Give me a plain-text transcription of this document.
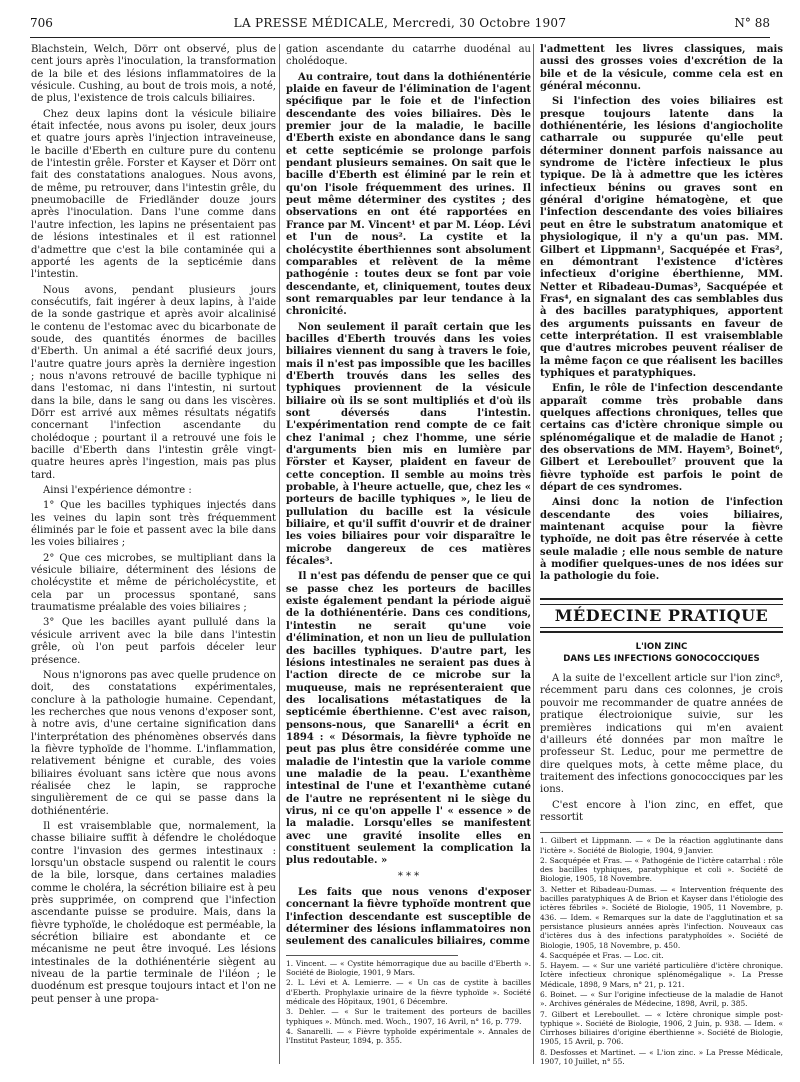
706	LA PRESSE MÉDICALE, Mercredi, 30 Octobre 1907	N° 88

Blachstein, Welch, Dörr ont observé, plus de cent jours après l'inoculation, la transformation de la bile et des lésions inflammatoires de la vésicule. Cushing, au bout de trois mois, a noté, de plus, l'existence de trois calculs biliaires.

Chez deux lapins dont la vésicule biliaire était infectée, nous avons pu isoler, deux jours et quatre jours après l'injection intraveineuse, le bacille d'Eberth en culture pure du contenu de l'intestin grêle. Forster et Kayser et Dörr ont fait des constatations analogues. Nous avons, de même, pu retrouver, dans l'intestin grêle, du pneumobacille de Friedländer douze jours après l'inoculation. Dans l'une comme dans l'autre infection, les lapins ne présentaient pas de lésions intestinales et il est rationnel d'admettre que c'est la bile contaminée qui a apporté les agents de la septicémie dans l'intestin.

Nous avons, pendant plusieurs jours consécutifs, fait ingérer à deux lapins, à l'aide de la sonde gastrique et après avoir alcalinisé le contenu de l'estomac avec du bicarbonate de soude, des quantités énormes de bacilles d'Eberth. Un animal a été sacrifié deux jours, l'autre quatre jours après la dernière ingestion ; nous n'avons retrouvé de bacille typhique ni dans l'estomac, ni dans l'intestin, ni surtout dans la bile, dans le sang ou dans les viscères. Dörr est arrivé aux mêmes résultats négatifs concernant l'infection ascendante du cholédoque ; pourtant il a retrouvé une fois le bacille d'Eberth dans l'intestin grêle vingt-quatre heures après l'ingestion, mais pas plus tard.

Ainsi l'expérience démontre :

1° Que les bacilles typhiques injectés dans les veines du lapin sont très fréquemment éliminés par le foie et passent avec la bile dans les voies biliaires ;

2° Que ces microbes, se multipliant dans la vésicule biliaire, déterminent des lésions de cholécystite et même de péricholécystite, et cela par un processus spontané, sans traumatisme préalable des voies biliaires ;

3° Que les bacilles ayant pullulé dans la vésicule arrivent avec la bile dans l'intestin grêle, où l'on peut parfois déceler leur présence.

Nous n'ignorons pas avec quelle prudence on doit, des constatations expérimentales, conclure à la pathologie humaine. Cependant, les recherches que nous venons d'exposer sont, à notre avis, d'une certaine signification dans l'interprétation des phénomènes observés dans la fièvre typhoïde de l'homme. L'inflammation, relativement bénigne et curable, des voies biliaires évoluant sans ictère que nous avons réalisée chez le lapin, se rapproche singulièrement de ce qui se passe dans la dothiénentérie.

Il est vraisemblable que, normalement, la chasse biliaire suffit à défendre le cholédoque contre l'invasion des germes intestinaux : lorsqu'un obstacle suspend ou ralentit le cours de la bile, lorsque, dans certaines maladies comme le choléra, la sécrétion biliaire est à peu près supprimée, on comprend que l'infection ascendante puisse se produire. Mais, dans la fièvre typhoïde, le cholédoque est perméable, la sécrétion biliaire est abondante et ce mécanisme ne peut être invoqué. Les lésions intestinales de la dothiénentérie siègent au niveau de la partie terminale de l'iléon ; le duodénum est presque toujours intact et l'on ne peut penser à une propa-

gation ascendante du catarrhe duodénal au cholédoque.

Au contraire, tout dans la dothiénentérie plaide en faveur de l'élimination de l'agent spécifique par le foie et de l'infection descendante des voies biliaires. Dès le premier jour de la maladie, le bacille d'Eberth existe en abondance dans le sang et cette septicémie se prolonge parfois pendant plusieurs semaines. On sait que le bacille d'Eberth est éliminé par le rein et qu'on l'isole fréquemment des urines. Il peut même déterminer des cystites ; des observations en ont été rapportées en France par M. Vincent¹ et par M. Léop. Lévi et l'un de nous². La cystite et la cholécystite éberthiennes sont absolument comparables et relèvent de la même pathogénie : toutes deux se font par voie descendante, et, cliniquement, toutes deux sont remarquables par leur tendance à la chronicité.

Non seulement il paraît certain que les bacilles d'Eberth trouvés dans les voies biliaires viennent du sang à travers le foie, mais il n'est pas impossible que les bacilles d'Eberth trouvés dans les selles des typhiques proviennent de la vésicule biliaire où ils se sont multipliés et d'où ils sont déversés dans l'intestin. L'expérimentation rend compte de ce fait chez l'animal ; chez l'homme, une série d'arguments bien mis en lumière par Förster et Kayser, plaident en faveur de cette conception. Il semble au moins très probable, à l'heure actuelle, que, chez les « porteurs de bacille typhiques », le lieu de pullulation du bacille est la vésicule biliaire, et qu'il suffit d'ouvrir et de drainer les voies biliaires pour voir disparaître le microbe dangereux de ces matières fécales³.

Il n'est pas défendu de penser que ce qui se passe chez les porteurs de bacilles existe également pendant la période aiguë de la dothiénentérie. Dans ces conditions, l'intestin ne serait qu'une voie d'élimination, et non un lieu de pullulation des bacilles typhiques. D'autre part, les lésions intestinales ne seraient pas dues à l'action directe de ce microbe sur la muqueuse, mais ne représenteraient que des localisations métastatiques de la septicémie éberthienne. C'est avec raison, pensons-nous, que Sanarelli⁴ a écrit en 1894 : « Désormais, la fièvre typhoïde ne peut pas plus être considérée comme une maladie de l'intestin que la variole comme une maladie de la peau. L'exanthème intestinal de l'une et l'exanthème cutané de l'autre ne représentent ni le siège du virus, ni ce qu'on appelle l' « essence » de la maladie. Lorsqu'elles se manifestent avec une gravité insolite elles en constituent seulement la complication la plus redoutable. »

* * *

Les faits que nous venons d'exposer concernant la fièvre typhoïde montrent que l'infection descendante est susceptible de déterminer des lésions inflammatoires non seulement des canalicules biliaires, comme

1. Vincent. — « Cystite hémorragique due au bacille d'Eberth ». Société de Biologie, 1901, 9 Mars.
2. L. Lévi et A. Lemierre. — « Un cas de cystite à bacilles d'Eberth. Prophylaxie urinaire de la fièvre typhoïde ». Société médicale des Hôpitaux, 1901, 6 Décembre.
3. Dehler. — « Sur le traitement des porteurs de bacilles typhiques ». Münch. med. Woch., 1907, 16 Avril, n° 16, p. 779.
4. Sanarelli. — « Fièvre typhoïde expérimentale ». Annales de l'Institut Pasteur, 1894, p. 355.

l'admettent les livres classiques, mais aussi des grosses voies d'excrétion de la bile et de la vésicule, comme cela est en général méconnu.

Si l'infection des voies biliaires est presque toujours latente dans la dothiénentérie, les lésions d'angiocholite catharrale ou suppurée qu'elle peut déterminer donnent parfois naissance au syndrome de l'ictère infectieux le plus typique. De là à admettre que les ictères infectieux bénins ou graves sont en général d'origine hématogène, et que l'infection descendante des voies biliaires peut en être le substratum anatomique et physiologique, il n'y a qu'un pas. MM. Gilbert et Lippmann¹, Sacquépée et Fras², en démontrant l'existence d'ictères infectieux d'origine éberthienne, MM. Netter et Ribadeau-Dumas³, Sacquépée et Fras⁴, en signalant des cas semblables dus à des bacilles paratyphiques, apportent des arguments puissants en faveur de cette interprétation. Il est vraisemblable que d'autres microbes peuvent réaliser de la même façon ce que réalisent les bacilles typhiques et paratyphiques.

Enfin, le rôle de l'infection descendante apparaît comme très probable dans quelques affections chroniques, telles que certains cas d'ictère chronique simple ou splénomégalique et de maladie de Hanot ; des observations de MM. Hayem⁵, Boinet⁶, Gilbert et Lereboullet⁷ prouvent que la fièvre typhoïde est parfois le point de départ de ces syndromes.

Ainsi donc la notion de l'infection descendante des voies biliaires, maintenant acquise pour la fièvre typhoïde, ne doit pas être réservée à cette seule maladie ; elle nous semble de nature à modifier quelques-unes de nos idées sur la pathologie du foie.

MÉDECINE PRATIQUE
L'ION ZINC
DANS LES INFECTIONS GONOCOCCIQUES

A la suite de l'excellent article sur l'ion zinc⁸, récemment paru dans ces colonnes, je crois pouvoir me recommander de quatre années de pratique électroionique suivie, sur les premières indications qui m'en avaient d'ailleurs été données par mon maître le professeur St. Leduc, pour me permettre de dire quelques mots, à cette même place, du traitement des infections gonococciques par les ions.

C'est encore à l'ion zinc, en effet, que ressortit

1. Gilbert et Lippmann. — « De la réaction agglutinante dans l'ictère ». Société de Biologie, 1904, 9 Janvier.
2. Sacquépée et Fras. — « Pathogénie de l'ictère catarrhal : rôle des bacilles typhiques, paratyphique et coli ». Société de Biologie, 1905, 18 Novembre.
3. Netter et Ribadeau-Dumas. — « Intervention fréquente des bacilles paratyphiques A de Brion et Kayser dans l'étiologie des ictères fébriles ». Société de Biologie, 1905, 11 Novembre, p. 436. — Idem. « Remarques sur la date de l'agglutination et sa persistance plusieurs années après l'infection. Nouveaux cas d'ictères dus à des infections paratyphoïdes ». Société de Biologie, 1905, 18 Novembre, p. 450.
4. Sacquépée et Fras. — Loc. cit.
5. Hayem. — « Sur une variété particulière d'ictère chronique. Ictère infectieux chronique splénomégalique ». La Presse Médicale, 1898, 9 Mars, n° 21, p. 121.
6. Boinet. — « Sur l'origine infectieuse de la maladie de Hanot ». Archives générales de Médecine, 1898, Avril, p. 385.
7. Gilbert et Lereboullet. — « Ictère chronique simple post-typhique ». Société de Biologie, 1906, 2 Juin, p. 938. — Idem. « Cirrhoses biliaires d'origine éberthienne ». Société de Biologie, 1905, 15 Avril, p. 706.
8. Desfosses et Martinet. — « L'ion zinc. » La Presse Médicale, 1907, 10 Juillet, n° 55.
